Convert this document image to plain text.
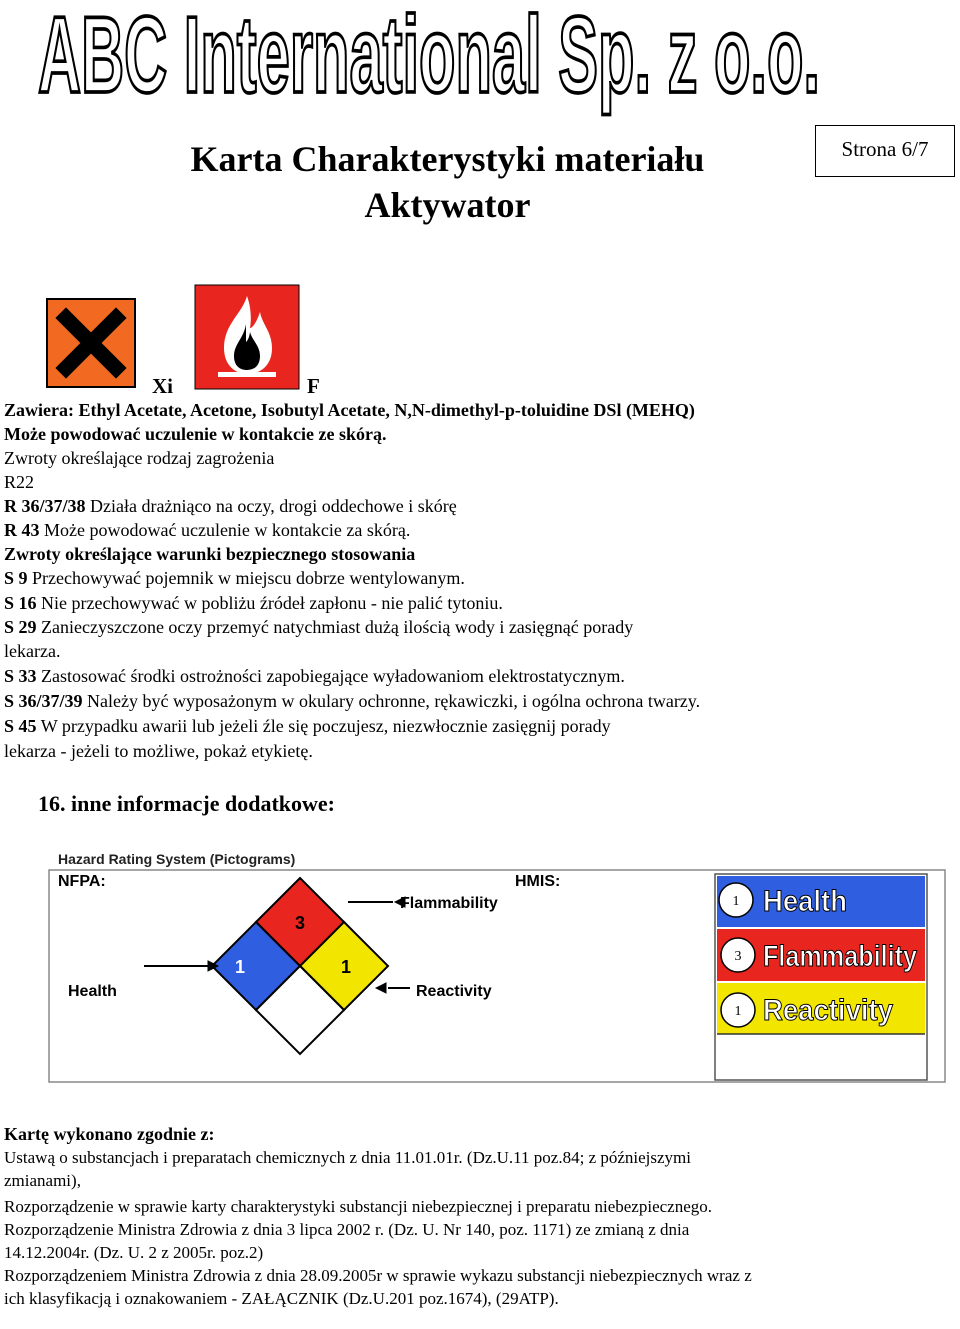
ABC International Sp. z o.o.
Strona 6/7
Karta Charakterystyki materiału
Aktywator
Xi	F
Zawiera: Ethyl Acetate, Acetone, Isobutyl Acetate, N,N-dimethyl-p-toluidine DSl (MEHQ)
Może powodować uczulenie w kontakcie ze skórą.
Zwroty określające rodzaj zagrożenia
R22
R 36/37/38 Działa drażniąco na oczy, drogi oddechowe i skórę
R 43 Może powodować uczulenie w kontakcie za skórą.
Zwroty określające warunki bezpiecznego stosowania
S 9 Przechowywać pojemnik w miejscu dobrze wentylowanym.
S 16 Nie przechowywać w pobliżu źródeł zapłonu - nie palić tytoniu.
S 29 Zanieczyszczone oczy przemyć natychmiast dużą ilością wody i zasięgnąć porady
lekarza.
S 33 Zastosować środki ostrożności zapobiegające wyładowaniom elektrostatycznym.
S 36/37/39 Należy być wyposażonym w okulary ochronne, rękawiczki, i ogólna ochrona twarzy.
S 45 W przypadku awarii lub jeżeli źle się poczujesz, niezwłocznie zasięgnij porady
lekarza - jeżeli to możliwe, pokaż etykietę.
16. inne informacje dodatkowe:
Hazard Rating System (Pictograms)
NFPA:	HMIS:
3
1	1
Flammability
Health	Reactivity
1
3
1
Health
Flammability
Reactivity
Kartę wykonano zgodnie z:
Ustawą o substancjach i preparatach chemicznych z dnia 11.01.01r. (Dz.U.11 poz.84; z późniejszymi
zmianami),
Rozporządzenie w sprawie karty charakterystyki substancji niebezpiecznej i preparatu niebezpiecznego.
Rozporządzenie Ministra Zdrowia z dnia 3 lipca 2002 r. (Dz. U. Nr 140, poz. 1171) ze zmianą z dnia
14.12.2004r. (Dz. U. 2 z 2005r. poz.2)
Rozporządzeniem Ministra Zdrowia z dnia 28.09.2005r w sprawie wykazu substancji niebezpiecznych wraz z
ich klasyfikacją i oznakowaniem - ZAŁĄCZNIK (Dz.U.201 poz.1674), (29ATP).
